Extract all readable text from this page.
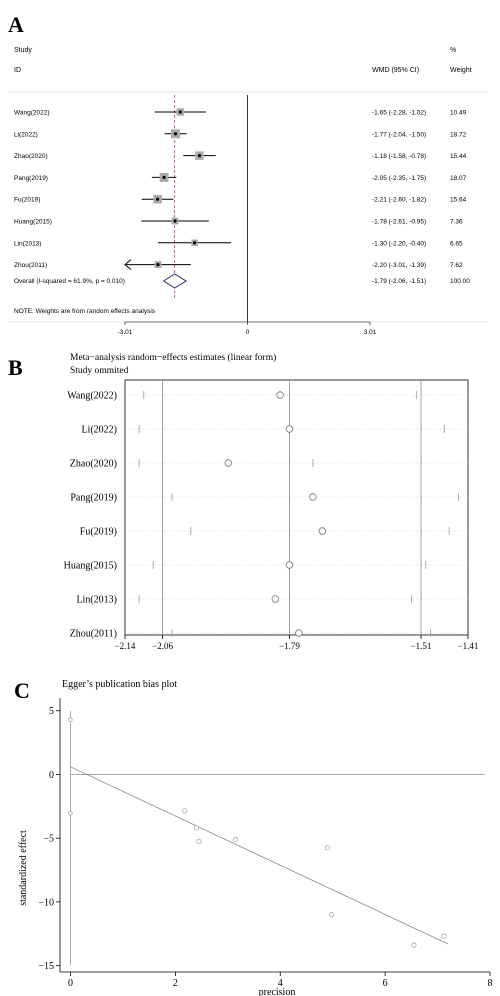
A
Study
ID	WMD (95% CI)
%
Weight
Wang(2022)	-1.65 (-2.28, -1.02)	10.49
Li(2022)	-1.77 (-2.04, -1.50)	18.72
Zhao(2020)	-1.18 (-1.58, -0.78)	15.44
Pang(2019)	-2.05 (-2.35, -1.75)	18.07
Fu(2019)	-2.21 (-2.60, -1.82)	15.64
Huang(2015)	-1.78 (-2.61, -0.95)	7.36
Lin(2013)	-1.30 (-2.20, -0.40)	6.65
Zhou(2011)	-2.20 (-3.01, -1.39)	7.62
-3.01	0	3.01
Overall (I-squared = 61.9%, p = 0.010)	-1.79 (-2.06, -1.51)	100.00
NOTE: Weights are from random effects analysis
B	Meta−analysis random−effects estimates (linear form)
Study ommited
Wang(2022)
Li(2022)
Zhao(2020)
Pang(2019)
Fu(2019)
Huang(2015)
Lin(2013)
Zhou(2011)
−2.14 −2.06	−1.79	−1.51	−1.41
C	Egger’s publication bias plot
standardized effect
precision
5
0
−5
−10
−15
0	2	4	6	8
